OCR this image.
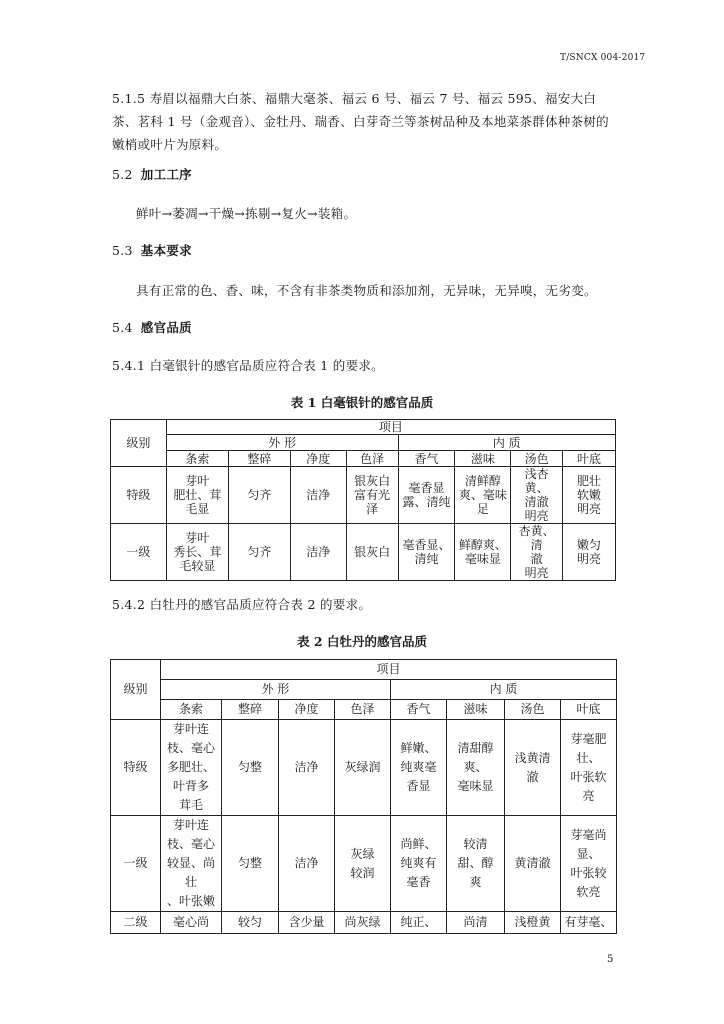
T/SNCX 004-2017
5.1.5 寿眉以福鼎大白茶、福鼎大毫茶、福云 6 号、福云 7 号、福云 595、福安大白茶、茗科 1 号（金观音）、金牡丹、瑞香、白芽奇兰等茶树品种及本地菜茶群体种茶树的嫩梢或叶片为原料。
5.2 加工工序
鲜叶→萎凋→干燥→拣剔→复火→装箱。
5.3 基本要求
具有正常的色、香、味，不含有非茶类物质和添加剂，无异味，无异嗅，无劣变。
5.4 感官品质
5.4.1 白毫银针的感官品质应符合表 1 的要求。
表 1 白毫银针的感官品质
级别	项目							
	外 形				内 质			
	条索	整碎	净度	色泽	香气	滋味	汤色	叶底
特级	芽叶
肥壮、茸
毛显	匀齐	洁净	银灰白
富有光
泽	毫香显
露、清纯	清鲜醇
爽、毫味
足	浅杏黄、
清澈
明亮	肥壮
软嫩
明亮
一级	芽叶
秀长、茸
毛较显	匀齐	洁净	银灰白	毫香显、
清纯	鲜醇爽、
毫味显	杏黄、清
澈
明亮	嫩匀
明亮
5.4.2 白牡丹的感官品质应符合表 2 的要求。
表 2 白牡丹的感官品质
级别	项目							
	外 形				内 质			
	条索	整碎	净度	色泽	香气	滋味	汤色	叶底
特级	芽叶连
枝、毫心
多肥壮、
叶背多
茸毛	匀整	洁净	灰绿润	鲜嫩、
纯爽毫
香显	清甜醇
爽、
毫味显	浅黄清
澈	芽毫肥
壮、
叶张软
亮
一级	芽叶连
枝、毫心
较显、尚
壮
、叶张嫩	匀整	洁净	灰绿
较润	尚鲜、
纯爽有
毫香	较清
甜、醇
爽	黄清澈	芽毫尚
显、
叶张较
软亮
二级	毫心尚	较匀	含少量	尚灰绿	纯正、	尚清	浅橙黄	有芽毫、
5
